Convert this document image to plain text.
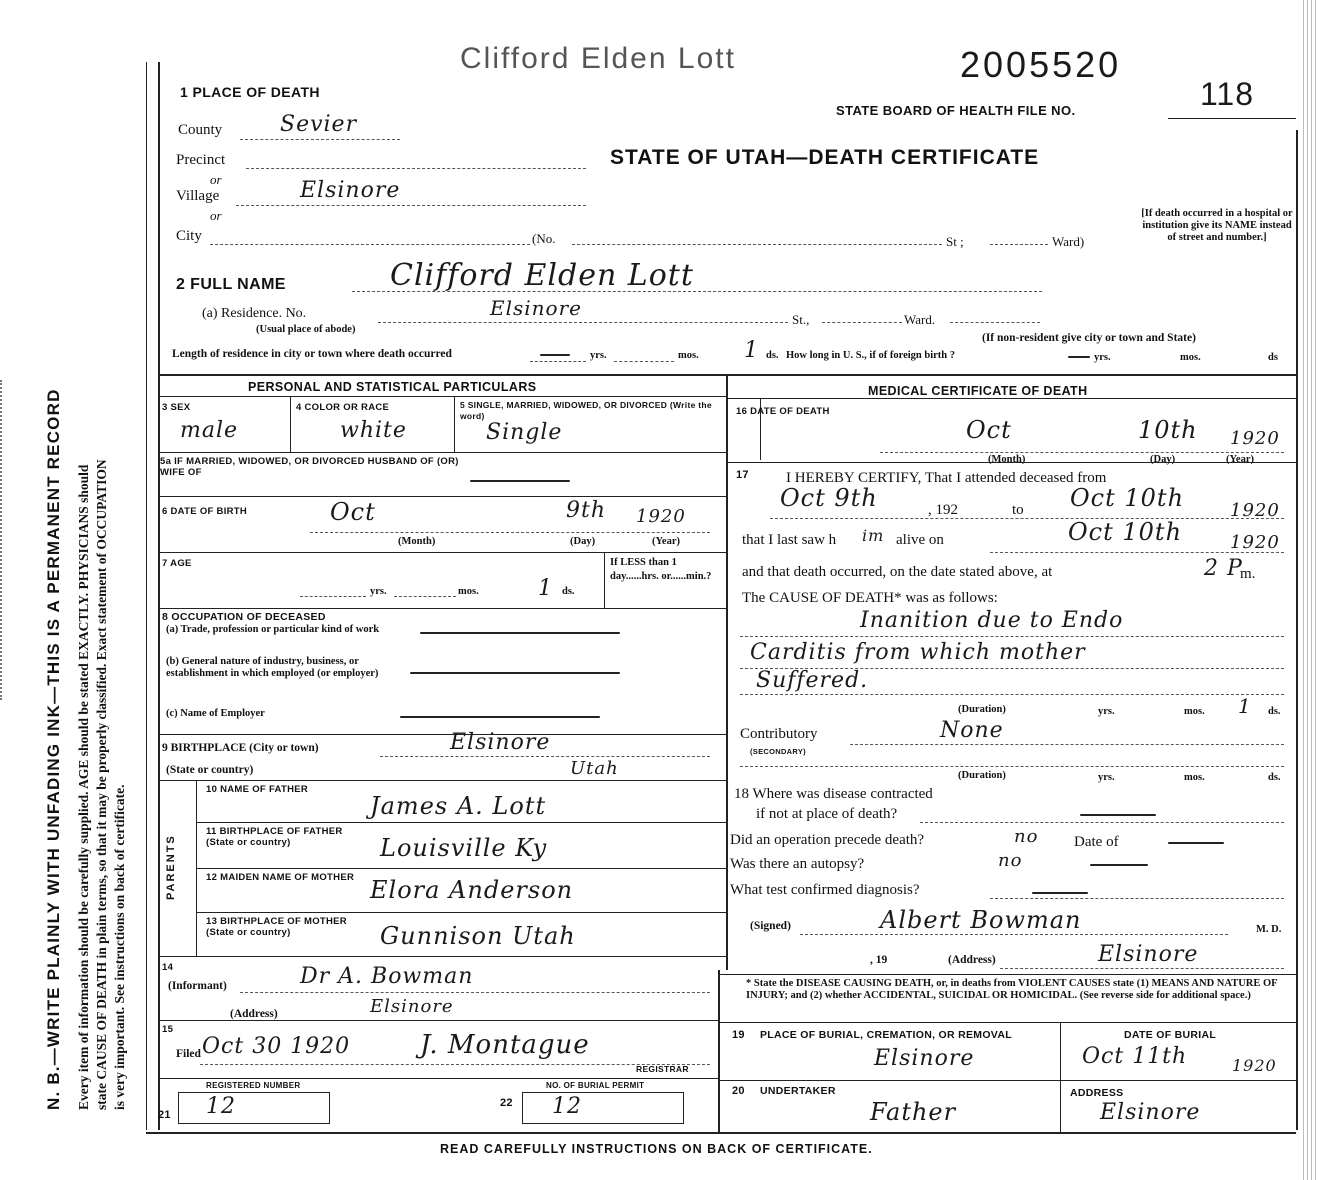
N. B.—WRITE PLAINLY WITH UNFADING INK—THIS IS A PERMANENT RECORD Every item of information should be carefully supplied. AGE should be stated EXACTLY. PHYSICIANS should state CAUSE OF DEATH in plain terms, so that it may be properly classified. Exact statement of OCCUPATION is very important. See instructions on back of certificate.
Clifford Elden Lott	2005520
1 PLACE OF DEATH
STATE BOARD OF HEALTH FILE NO.	118
STATE OF UTAH—DEATH CERTIFICATE
County	Sevier
Precinct
or
Village	Elsinore
or
City	(No.	St ;	Ward)
[If death occurred in a hospital or institution give its NAME instead of street and number.]
2 FULL NAME	Clifford Elden Lott
(a) Residence. No.	Elsinore	St.,	Ward.
(Usual place of abode)
(If non-resident give city or town and State)
Length of residence in city or town where death occurred	yrs.	mos. 1 ds. How long in U. S., if of foreign birth ?	yrs.	mos.	ds
PERSONAL AND STATISTICAL PARTICULARS	MEDICAL CERTIFICATE OF DEATH
3 SEX
male
4 COLOR OR RACE
white
5 SINGLE, MARRIED, WIDOWED, OR DIVORCED (Write the word)
Single
5a IF MARRIED, WIDOWED, OR DIVORCED HUSBAND OF (OR) WIFE OF
6 DATE OF BIRTH	Oct	9th 1920
(Month)	(Day)	(Year)
7 AGE
yrs.	mos.	1 ds.
If LESS than 1 day......hrs. or......min.?
8 OCCUPATION OF DECEASED
(a) Trade, profession or particular kind of work
(b) General nature of industry, business, or establishment in which employed (or employer)
(c) Name of Employer
9 BIRTHPLACE (City or town)	Elsinore
(State or country)	Utah
PARENTS
10 NAME OF FATHER
James A. Lott
11 BIRTHPLACE OF FATHER (State or country)	Louisville Ky
12 MAIDEN NAME OF MOTHER Elora Anderson
13 BIRTHPLACE OF MOTHER (State or country)	Gunnison Utah
14
(Informant)	Dr A. Bowman
(Address)	Elsinore
15
Filed Oct 30 1920	J. Montague
REGISTRAR
REGISTERED NUMBER	NO. OF BURIAL PERMIT
21 12	22 12
16 DATE OF DEATH
Oct	10th 1920
(Month)	(Day)	(Year)
17 I HEREBY CERTIFY, That I attended deceased from
Oct 9th	, 192	to Oct 10th	1920
that I last saw h im alive on	Oct 10th	1920
and that death occurred, on the date stated above, at	2 P
m.
The CAUSE OF DEATH* was as follows:
Inanition due to Endo
Carditis from which mother
Suffered.
(Duration)	yrs.	mos. 1 ds.
Contributory
(SECONDARY)
None
(Duration)	yrs.	mos.	ds.
18 Where was disease contracted
if not at place of death?
Did an operation precede death?	no Date of
Was there an autopsy?	no
What test confirmed diagnosis?
(Signed)	Albert Bowman	M. D.
, 19	(Address)	Elsinore
* State the DISEASE CAUSING DEATH, or, in deaths from VIOLENT CAUSES state (1) MEANS AND NATURE OF INJURY; and (2) whether ACCIDENTAL, SUICIDAL OR HOMICIDAL. (See reverse side for additional space.)
19 PLACE OF BURIAL, CREMATION, OR REMOVAL
Elsinore
DATE OF BURIAL
Oct 11th	1920
20 UNDERTAKER
Father
ADDRESS
Elsinore
READ CAREFULLY INSTRUCTIONS ON BACK OF CERTIFICATE.
